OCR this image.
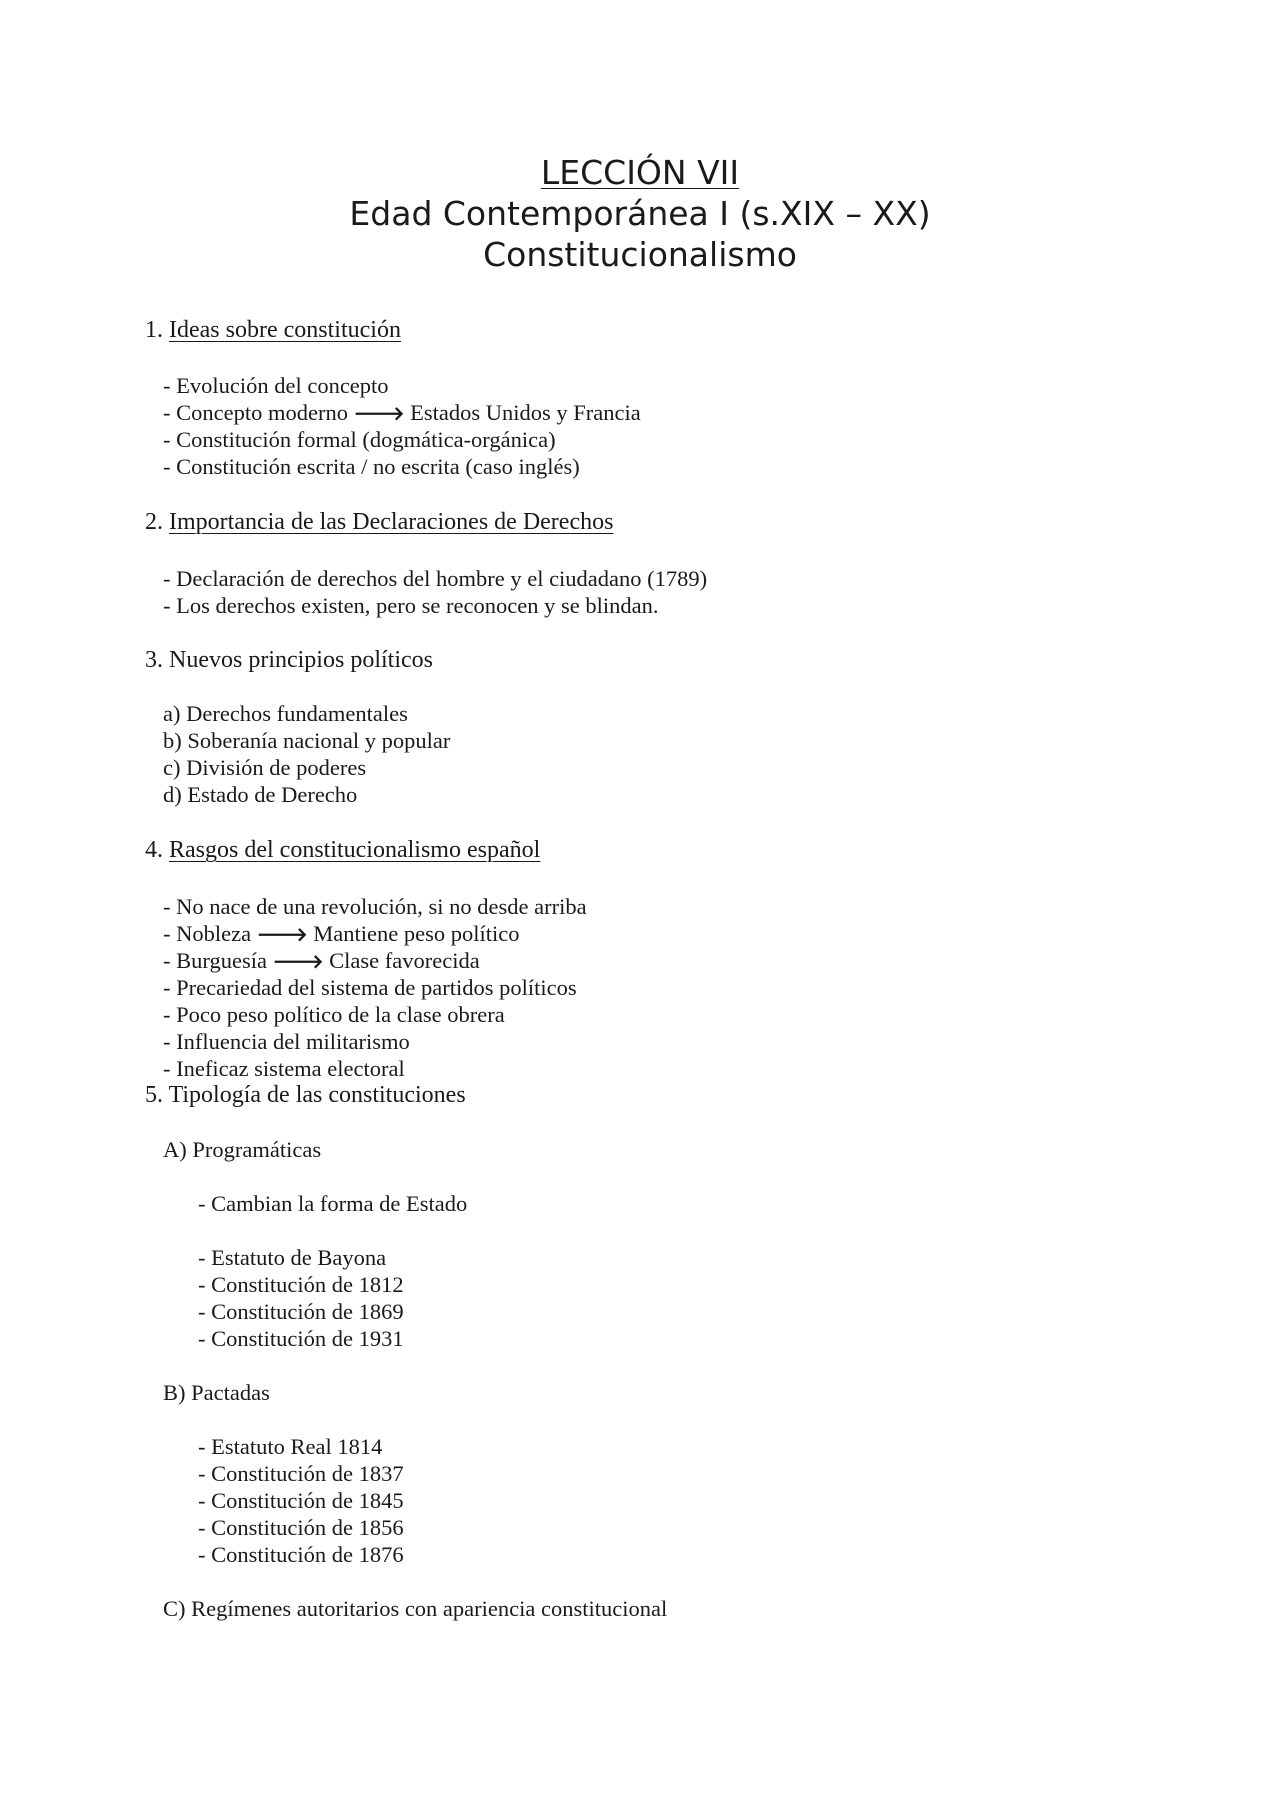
LECCIÓN VII
Edad Contemporánea I (s.XIX – XX)
Constitucionalismo
1. Ideas sobre constitución
- Evolución del concepto
- Concepto moderno 🡒 Estados Unidos y Francia
- Constitución formal (dogmática-orgánica)
- Constitución escrita / no escrita (caso inglés)
2. Importancia de las Declaraciones de Derechos
- Declaración de derechos del hombre y el ciudadano (1789)
- Los derechos existen, pero se reconocen y se blindan.
3. Nuevos principios políticos
a) Derechos fundamentales
b) Soberanía nacional y popular
c) División de poderes
d) Estado de Derecho
4. Rasgos del constitucionalismo español
- No nace de una revolución, si no desde arriba
- Nobleza 🡒 Mantiene peso político
- Burguesía 🡒 Clase favorecida
- Precariedad del sistema de partidos políticos
- Poco peso político de la clase obrera
- Influencia del militarismo
- Ineficaz sistema electoral
5. Tipología de las constituciones
A) Programáticas
- Cambian la forma de Estado
- Estatuto de Bayona
- Constitución de 1812
- Constitución de 1869
- Constitución de 1931
B) Pactadas
- Estatuto Real 1814
- Constitución de 1837
- Constitución de 1845
- Constitución de 1856
- Constitución de 1876
C) Regímenes autoritarios con apariencia constitucional
